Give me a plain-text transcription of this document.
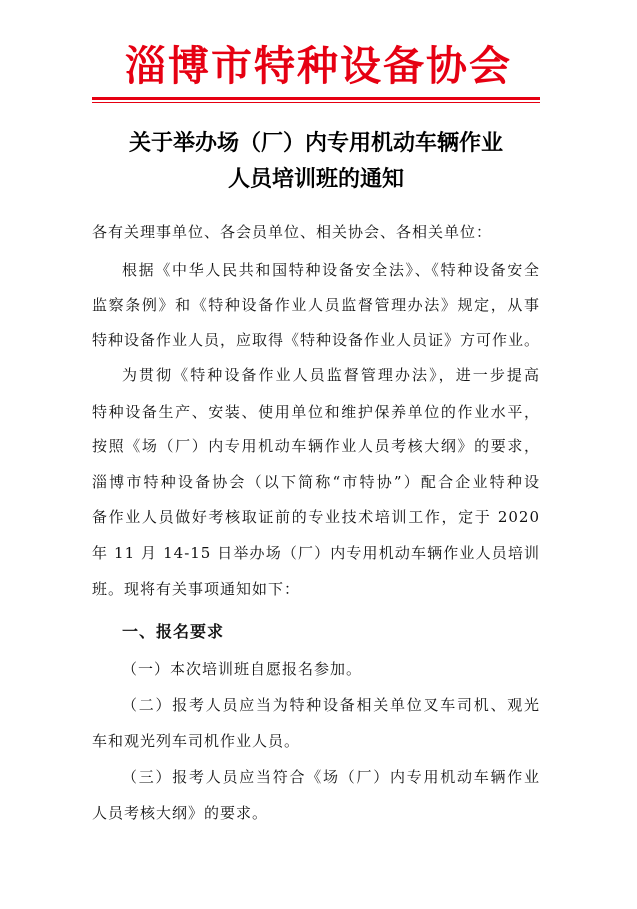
淄博市特种设备协会
关于举办场（厂）内专用机动车辆作业
人员培训班的通知
各有关理事单位、各会员单位、相关协会、各相关单位：
根据《中华人民共和国特种设备安全法》、《特种设备安全
监察条例》和《特种设备作业人员监督管理办法》规定，从事
特种设备作业人员，应取得《特种设备作业人员证》方可作业。
为贯彻《特种设备作业人员监督管理办法》，进一步提高
特种设备生产、安装、使用单位和维护保养单位的作业水平，
按照《场（厂）内专用机动车辆作业人员考核大纲》的要求，
淄博市特种设备协会（以下简称“市特协”）配合企业特种设
备作业人员做好考核取证前的专业技术培训工作，定于 2020
年 11 月 14-15 日举办场（厂）内专用机动车辆作业人员培训
班。现将有关事项通知如下：
一、报名要求
（一）本次培训班自愿报名参加。
（二）报考人员应当为特种设备相关单位叉车司机、观光
车和观光列车司机作业人员。
（三）报考人员应当符合《场（厂）内专用机动车辆作业
人员考核大纲》的要求。
